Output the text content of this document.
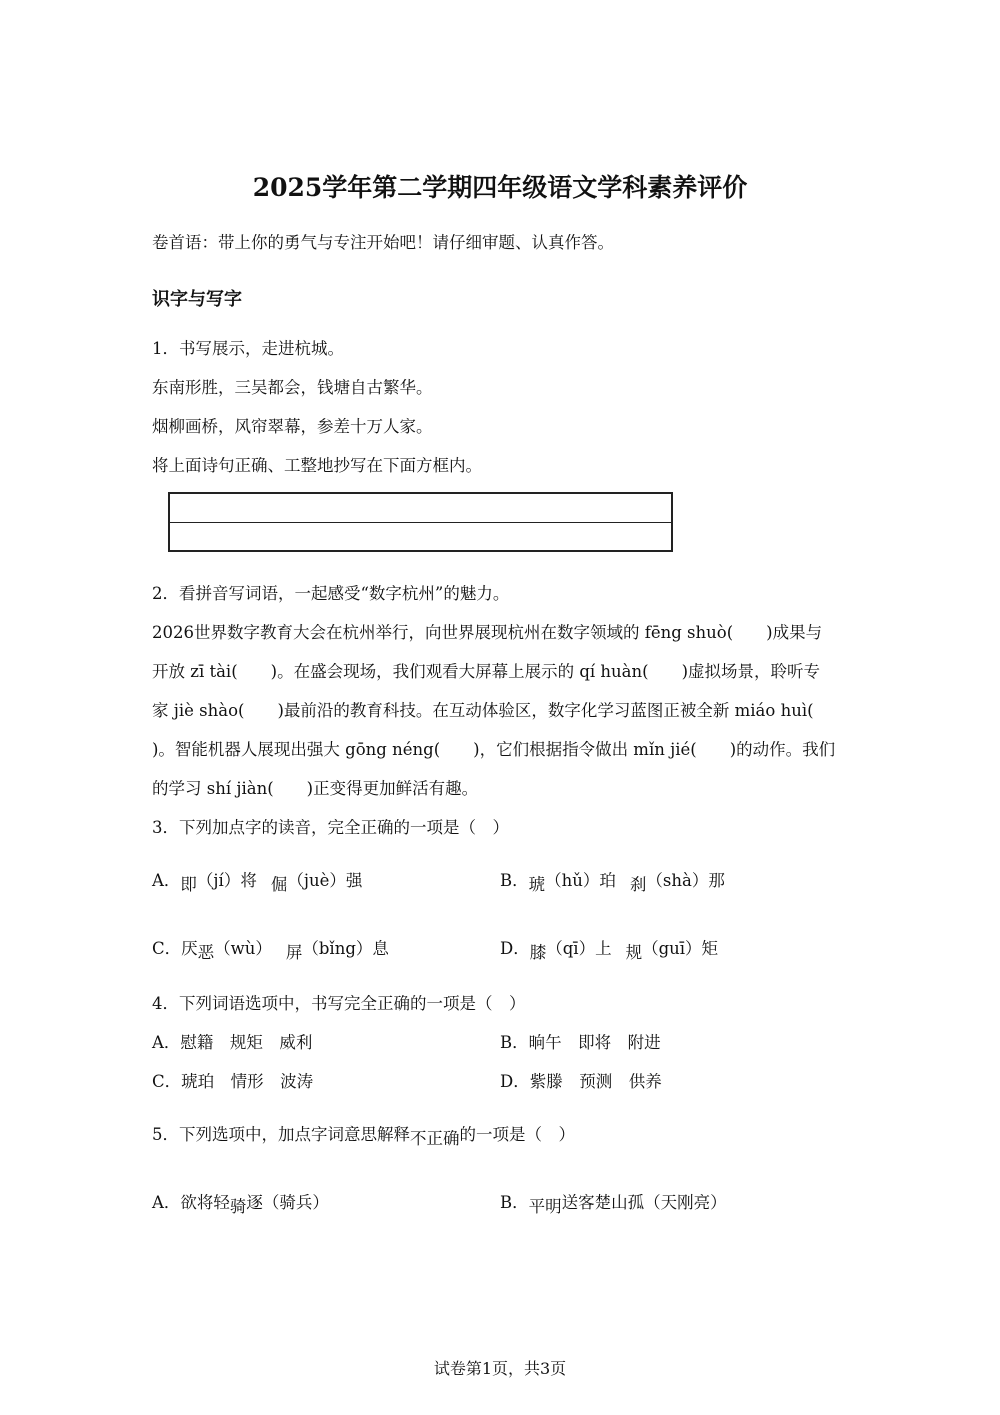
2025学年第二学期四年级语文学科素养评价
卷首语：带上你的勇气与专注开始吧！请仔细审题、认真作答。
识字与写字
1．书写展示，走进杭城。
东南形胜，三吴都会，钱塘自古繁华。
烟柳画桥，风帘翠幕，参差十万人家。
将上面诗句正确、工整地抄写在下面方框内。
2．看拼音写词语，一起感受“数字杭州”的魅力。
2026世界数字教育大会在杭州举行，向世界展现杭州在数字领域的 fēng shuò(　　)成果与
开放 zī tài(　　)。在盛会现场，我们观看大屏幕上展示的 qí huàn(　　)虚拟场景，聆听专
家 jiè shào(　　)最前沿的教育科技。在互动体验区，数字化学习蓝图正被全新 miáo huì(
)。智能机器人展现出强大 gōng néng(　　)，它们根据指令做出 mǐn jié(　　)的动作。我们
的学习 shí jiàn(　　)正变得更加鲜活有趣。
3．下列加点字的读音，完全正确的一项是（　）
A．即（jí）将 倔（juè）强	B．琥（hǔ）珀 刹（shà）那
C．厌恶（wù） 屏（bǐng）息	D．膝（qī）上 规（guī）矩
4．下列词语选项中，书写完全正确的一项是（　）
A．慰籍　规矩　威利	B．晌午　即将　附进
C．琥珀　情形　波涛	D．紫滕　预测　供养
5．下列选项中，加点字词意思解释不正确的一项是（　）
A．欲将轻骑逐（骑兵）	B．平明送客楚山孤（天刚亮）
试卷第1页，共3页
